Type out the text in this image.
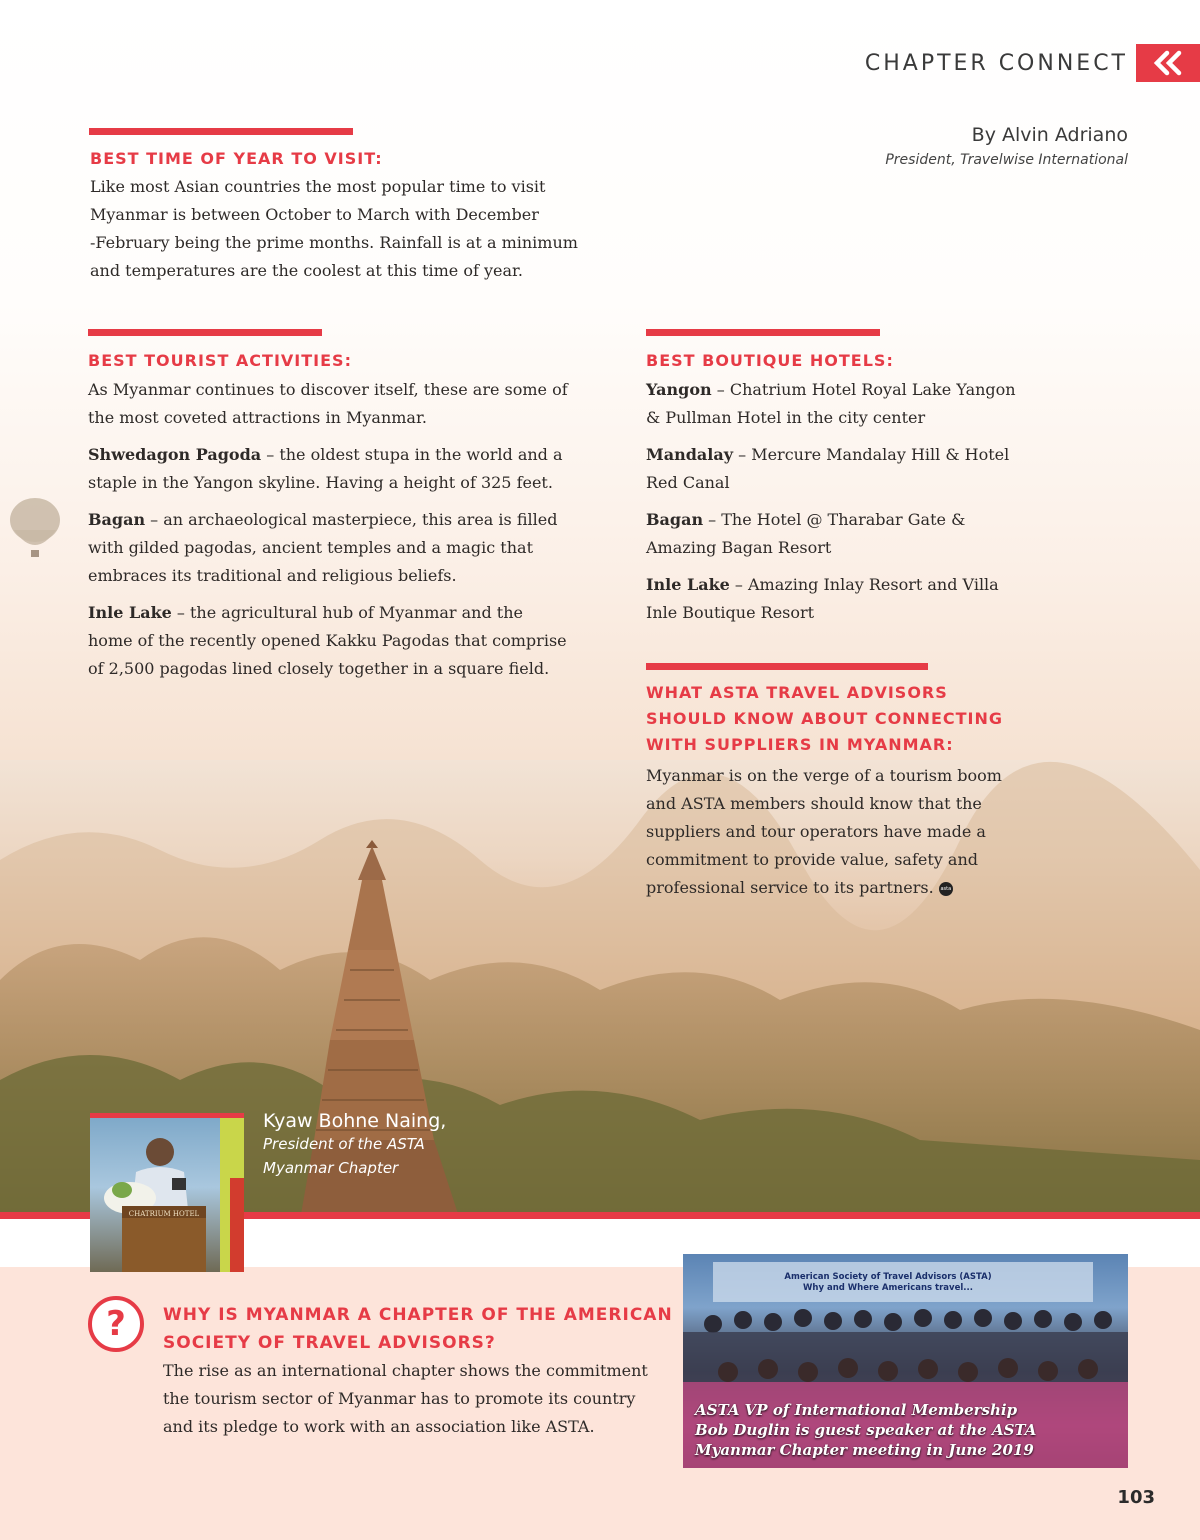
CHAPTER CONNECT
By Alvin Adriano
President, Travelwise International
BEST TIME OF YEAR TO VISIT:
Like most Asian countries the most popular time to visit
Myanmar is between October to March with December
-February being the prime months. Rainfall is at a minimum
and temperatures are the coolest at this time of year.
BEST TOURIST ACTIVITIES:

As Myanmar continues to discover itself, these are some of the most coveted attractions in Myanmar.

Shwedagon Pagoda – the oldest stupa in the world and a staple in the Yangon skyline. Having a height of 325 feet.

Bagan – an archaeological masterpiece, this area is filled with gilded pagodas, ancient temples and a magic that embraces its traditional and religious beliefs.

Inle Lake – the agricultural hub of Myanmar and the home of the recently opened Kakku Pagodas that comprise of 2,500 pagodas lined closely together in a square field.

BEST BOUTIQUE HOTELS:

Yangon – Chatrium Hotel Royal Lake Yangon & Pullman Hotel in the city center

Mandalay – Mercure Mandalay Hill & Hotel Red Canal

Bagan – The Hotel @ Tharabar Gate & Amazing Bagan Resort

Inle Lake – Amazing Inlay Resort and Villa Inle Boutique Resort

WHAT ASTA TRAVEL ADVISORS
SHOULD KNOW ABOUT CONNECTING
WITH SUPPLIERS IN MYANMAR:
Myanmar is on the verge of a tourism boom and ASTA members should know that the suppliers and tour operators have made a commitment to provide value, safety and professional service to its partners. asta
CHATRIUM HOTEL
Kyaw Bohne Naing,
President of the ASTA
Myanmar Chapter
? WHY IS MYANMAR A CHAPTER OF THE AMERICAN
SOCIETY OF TRAVEL ADVISORS?
The rise as an international chapter shows the commitment
the tourism sector of Myanmar has to promote its country
and its pledge to work with an association like ASTA.
American Society of Travel Advisors (ASTA)
Why and Where Americans travel...
ASTA VP of International Membership
Bob Duglin is guest speaker at the ASTA
Myanmar Chapter meeting in June 2019
103
